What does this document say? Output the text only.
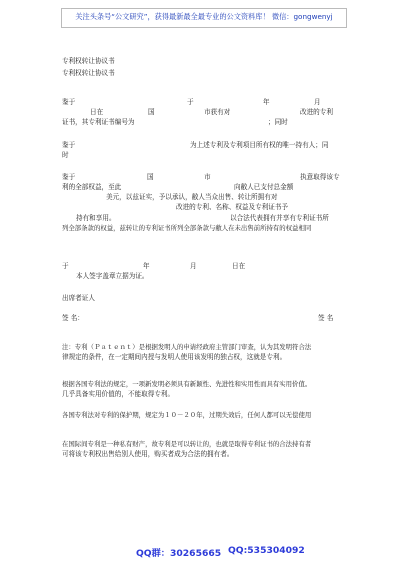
关注头条号“公文研究”，获得最新最全最专业的公文资料库！ 微信：gongwenyj
专利权转让协议书
专利权转让协议书
鉴于	于	年	月
日在	国	市获有对	改进的专利
证书，其专利证书编号为	；同时
鉴于	为上述专利及专利项目所有权的唯一持有人；同
时
鉴于	国	市	执意取得该专
利的全部权益，至此	向敝人已支付总金额
美元，以兹证实，予以承认，敝人当众出售、转让所拥有对
改进的专利、名称、权益及专利证书予
持有和享用。	以合法代表拥有并享有专利证书所
列全部条款的权益，兹转让的专利证书所列全部条款与敝人在未出售前所持有的权益相同
于	年	月	日在
本人签字盖章立据为证。
出席者证人
签 名：	签 名
注：专利（Ｐａｔｅｎｔ）是根据发明人的申请经政府主管部门审查，认为其发明符合法
律规定的条件，在一定期间内授与发明人使用该发明的独占权，这就是专利。
根据各国专利法的规定，一项新发明必须具有新颖性、先进性和实用性而具有实用价值。
几乎具备实用价值的，不能取得专利。
各国专利法对专利的保护期，规定为１０－２０年，过期失效后，任何人都可以无偿使用
在国际间专利是一种私有财产，故专利是可以转让的，也就是取得专利证书的合法持有者
可将该专利权出售给别人使用，购买者成为合法的拥有者。
QQ群：30265665 QQ:535304092
